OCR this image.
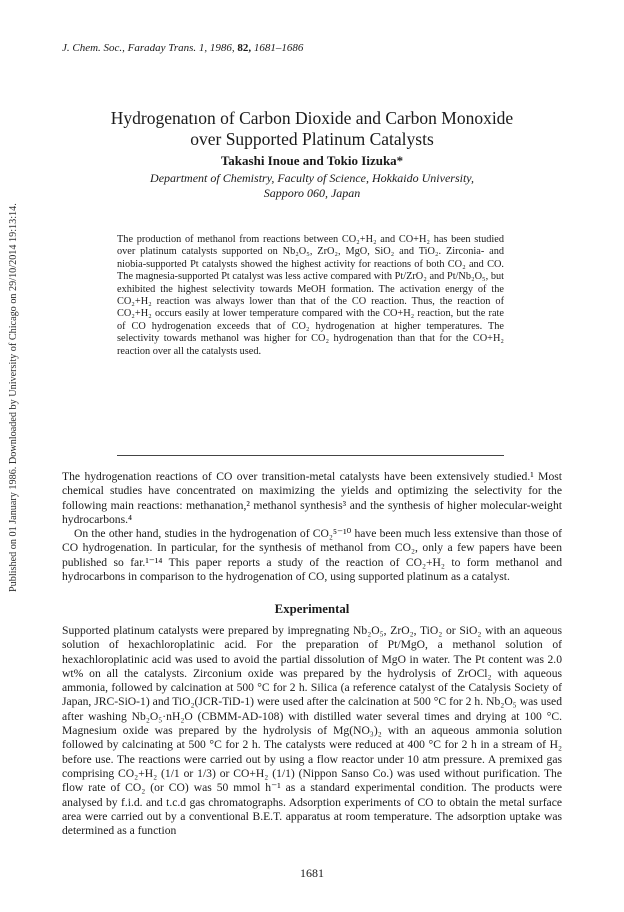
J. Chem. Soc., Faraday Trans. 1, 1986, 82, 1681–1686
Published on 01 January 1986. Downloaded by University of Chicago on 29/10/2014 19:13:14.
Hydrogenatıon of Carbon Dioxide and Carbon Monoxide
over Supported Platinum Catalysts
Takashi Inoue and Tokio Iizuka*
Department of Chemistry, Faculty of Science, Hokkaido University,
Sapporo 060, Japan
The production of methanol from reactions between CO₂+H₂ and CO+H₂ has been studied over platinum catalysts supported on Nb₂O₅, ZrO₂, MgO, SiO₂ and TiO₂. Zirconia- and niobia-supported Pt catalysts showed the highest activity for reactions of both CO₂ and CO. The magnesia-supported Pt catalyst was less active compared with Pt/ZrO₂ and Pt/Nb₂O₅, but exhibited the highest selectivity towards MeOH formation. The activation energy of the CO₂+H₂ reaction was always lower than that of the CO reaction. Thus, the reaction of CO₂+H₂ occurs easily at lower temperature compared with the CO+H₂ reaction, but the rate of CO hydrogenation exceeds that of CO₂ hydrogenation at higher temperatures. The selectivity towards methanol was higher for CO₂ hydrogenation than that for the CO+H₂ reaction over all the catalysts used.

The hydrogenation reactions of CO over transition-metal catalysts have been extensively studied.¹ Most chemical studies have concentrated on maximizing the yields and optimizing the selectivity for the following main reactions: methanation,² methanol synthesis³ and the synthesis of higher molecular-weight hydrocarbons.⁴

On the other hand, studies in the hydrogenation of CO₂⁵⁻¹⁰ have been much less extensive than those of CO hydrogenation. In particular, for the synthesis of methanol from CO₂, only a few papers have been published so far.¹⁻¹⁴ This paper reports a study of the reaction of CO₂+H₂ to form methanol and hydrocarbons in comparison to the hydrogenation of CO, using supported platinum as a catalyst.

Experimental
Supported platinum catalysts were prepared by impregnating Nb₂O₅, ZrO₂, TiO₂ or SiO₂ with an aqueous solution of hexachloroplatinic acid. For the preparation of Pt/MgO, a methanol solution of hexachloroplatinic acid was used to avoid the partial dissolution of MgO in water. The Pt content was 2.0 wt% on all the catalysts. Zirconium oxide was prepared by the hydrolysis of ZrOCl₂ with aqueous ammonia, followed by calcination at 500 °C for 2 h. Silica (a reference catalyst of the Catalysis Society of Japan, JRC-SiO-1) and TiO₂(JCR-TiD-1) were used after the calcination at 500 °C for 2 h. Nb₂O₅ was used after washing Nb₂O₅·nH₂O (CBMM-AD-108) with distilled water several times and drying at 100 °C. Magnesium oxide was prepared by the hydrolysis of Mg(NO₃)₂ with an aqueous ammonia solution followed by calcinating at 500 °C for 2 h. The catalysts were reduced at 400 °C for 2 h in a stream of H₂ before use. The reactions were carried out by using a flow reactor under 10 atm pressure. A premixed gas comprising CO₂+H₂ (1/1 or 1/3) or CO+H₂ (1/1) (Nippon Sanso Co.) was used without purification. The flow rate of CO₂ (or CO) was 50 mmol h⁻¹ as a standard experimental condition. The products were analysed by f.i.d. and t.c.d gas chromatographs. Adsorption experiments of CO to obtain the metal surface area were carried out by a conventional B.E.T. apparatus at room temperature. The adsorption uptake was determined as a function
1681
